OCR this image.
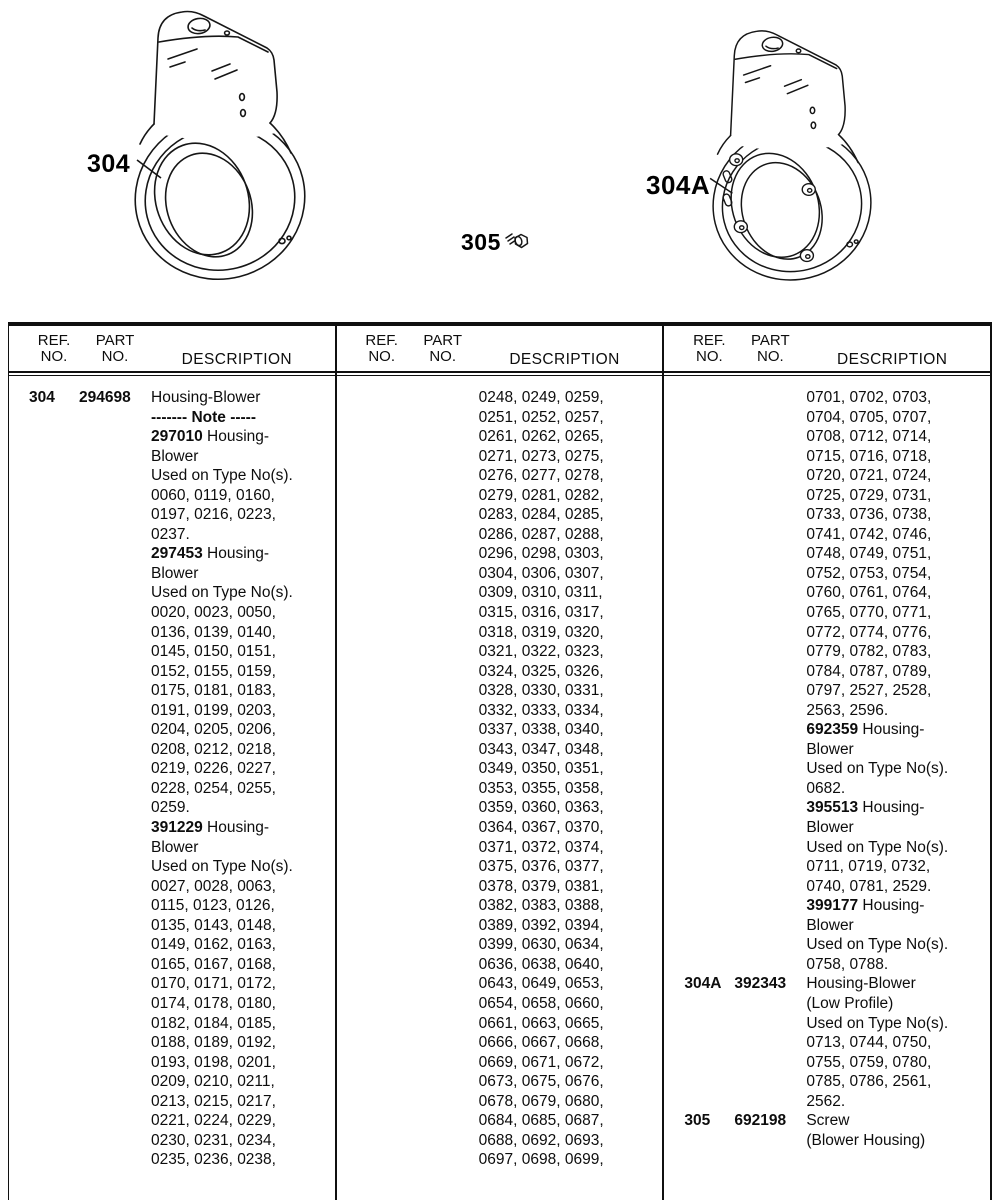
304
304A
305
REF.
NO.
PART
NO.	DESCRIPTION
304	294698	Housing-Blower
------- Note -----
297010 Housing-
Blower
Used on Type No(s).
0060, 0119, 0160,
0197, 0216, 0223,
0237.
297453 Housing-
Blower
Used on Type No(s).
0020, 0023, 0050,
0136, 0139, 0140,
0145, 0150, 0151,
0152, 0155, 0159,
0175, 0181, 0183,
0191, 0199, 0203,
0204, 0205, 0206,
0208, 0212, 0218,
0219, 0226, 0227,
0228, 0254, 0255,
0259.
391229 Housing-
Blower
Used on Type No(s).
0027, 0028, 0063,
0115, 0123, 0126,
0135, 0143, 0148,
0149, 0162, 0163,
0165, 0167, 0168,
0170, 0171, 0172,
0174, 0178, 0180,
0182, 0184, 0185,
0188, 0189, 0192,
0193, 0198, 0201,
0209, 0210, 0211,
0213, 0215, 0217,
0221, 0224, 0229,
0230, 0231, 0234,
0235, 0236, 0238,
REF.
NO.
PART
NO.	DESCRIPTION
0248, 0249, 0259,
0251, 0252, 0257,
0261, 0262, 0265,
0271, 0273, 0275,
0276, 0277, 0278,
0279, 0281, 0282,
0283, 0284, 0285,
0286, 0287, 0288,
0296, 0298, 0303,
0304, 0306, 0307,
0309, 0310, 0311,
0315, 0316, 0317,
0318, 0319, 0320,
0321, 0322, 0323,
0324, 0325, 0326,
0328, 0330, 0331,
0332, 0333, 0334,
0337, 0338, 0340,
0343, 0347, 0348,
0349, 0350, 0351,
0353, 0355, 0358,
0359, 0360, 0363,
0364, 0367, 0370,
0371, 0372, 0374,
0375, 0376, 0377,
0378, 0379, 0381,
0382, 0383, 0388,
0389, 0392, 0394,
0399, 0630, 0634,
0636, 0638, 0640,
0643, 0649, 0653,
0654, 0658, 0660,
0661, 0663, 0665,
0666, 0667, 0668,
0669, 0671, 0672,
0673, 0675, 0676,
0678, 0679, 0680,
0684, 0685, 0687,
0688, 0692, 0693,
0697, 0698, 0699,
REF.
NO.
PART
NO.	DESCRIPTION
0701, 0702, 0703,
0704, 0705, 0707,
0708, 0712, 0714,
0715, 0716, 0718,
0720, 0721, 0724,
0725, 0729, 0731,
0733, 0736, 0738,
0741, 0742, 0746,
0748, 0749, 0751,
0752, 0753, 0754,
0760, 0761, 0764,
0765, 0770, 0771,
0772, 0774, 0776,
0779, 0782, 0783,
0784, 0787, 0789,
0797, 2527, 2528,
2563, 2596.
692359 Housing-
Blower
Used on Type No(s).
0682.
395513 Housing-
Blower
Used on Type No(s).
0711, 0719, 0732,
0740, 0781, 2529.
399177 Housing-
Blower
Used on Type No(s).
0758, 0788.
304A 392343	Housing-Blower
(Low Profile)
Used on Type No(s).
0713, 0744, 0750,
0755, 0759, 0780,
0785, 0786, 2561,
2562.
305	692198	Screw
(Blower Housing)
